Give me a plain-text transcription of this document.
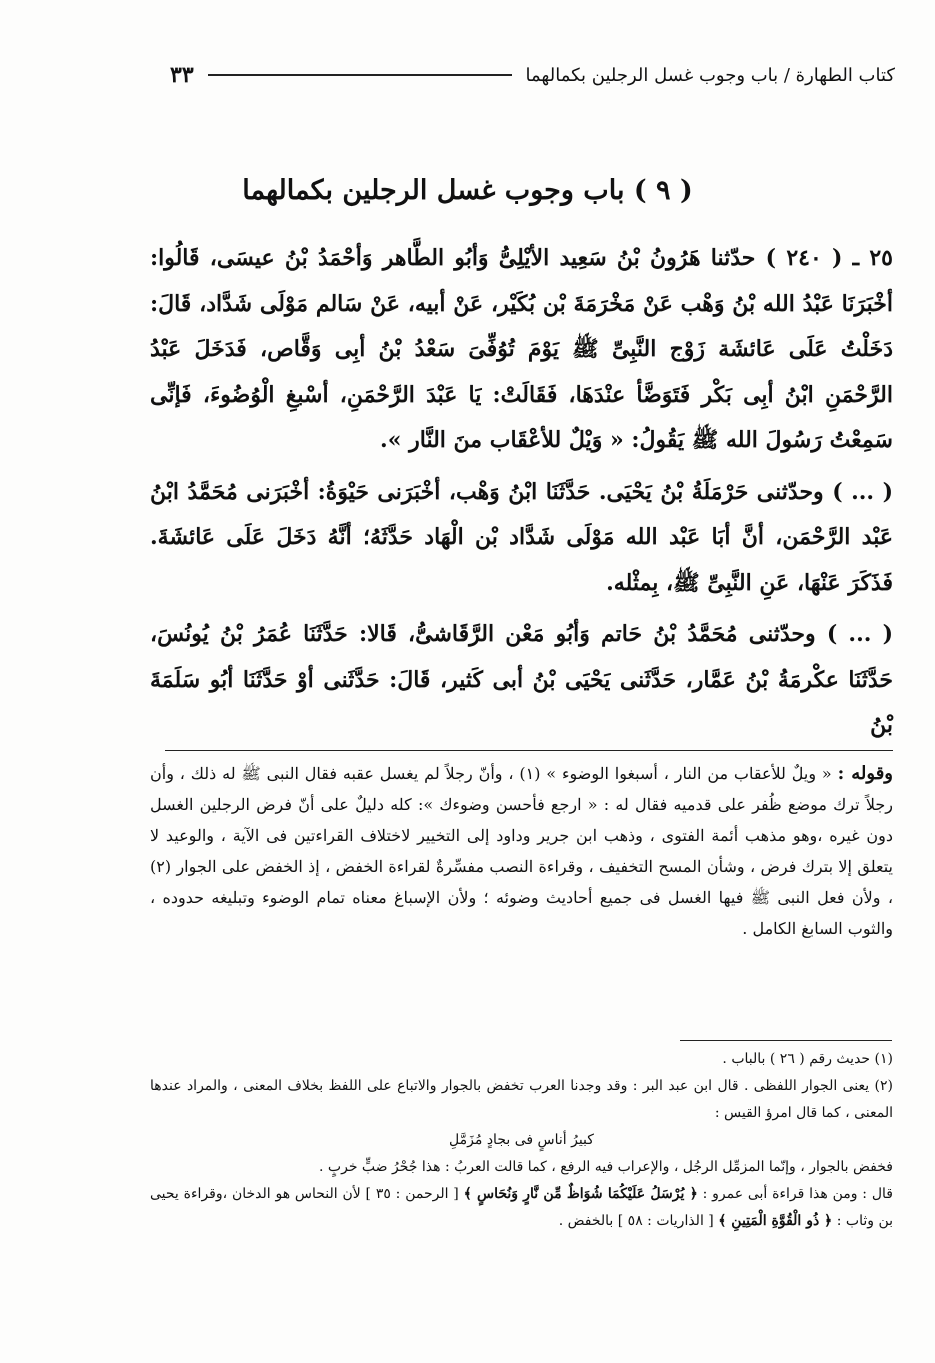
كتاب الطهارة / باب وجوب غسل الرجلين بكمالهما
٣٣
( ٩ ) باب وجوب غسل الرجلين بكمالهما

٢٥ ـ ( ٢٤٠ ) حدّثنا هَرُونُ بْنُ سَعِيد الأيْلِىُّ وَأبُو الطَّاهر وَأحْمَدُ بْنُ عيسَى، قَالُوا: أخْبَرَنَا عَبْدُ الله بْنُ وَهْب عَنْ مَخْرَمَةَ بْن بُكَيْر، عَنْ أبيه، عَنْ سَالم مَوْلَى شَدَّاد، قَالَ: دَخَلْتُ عَلَى عَائشَة زَوْج النَّبِىِّ ﷺ يَوْمَ تُوُفِّىَ سَعْدُ بْنُ أبِى وَقَّاص، فَدَخَلَ عَبْدُ الرَّحْمَنِ ابْنُ أبِى بَكْر فَتَوَضَّأ عنْدَهَا، فَقَالَتْ: يَا عَبْدَ الرَّحْمَنِ، أسْبغِ الْوُضُوءَ، فَإنِّى سَمِعْتُ رَسُولَ الله ﷺ يَقُولُ: « وَيْلٌ للأعْقَاب منَ النَّار ».

( ... ) وحدّثنى حَرْمَلَةُ بْنُ يَحْيَى. حَدَّثَنَا ابْنُ وَهْب، أخْبَرَنى حَيْوَةُ: أخْبَرَنى مُحَمَّدُ ابْنُ عَبْد الرَّحْمَن، أنَّ أبَا عَبْد الله مَوْلَى شَدَّاد بْن الْهَاد حَدَّثَهُ؛ أنَّهُ دَخَلَ عَلَى عَائشَةَ. فَذَكَرَ عَنْهَا، عَنِ النَّبِىِّ ﷺ، بِمثْله.

( ... ) وحدّثنى مُحَمَّدُ بْنُ حَاتم وَأبُو مَعْن الرَّقَاشىُّ، قَالا: حَدَّثَنَا عُمَرُ بْنُ يُونُسَ، حَدَّثَنَا عكْرمَةُ بْنُ عَمَّار، حَدَّثَنى يَحْيَى بْنُ أبى كَثير، قَالَ: حَدَّثَنى أوْ حَدَّثَنَا أبُو سَلَمَةَ بْنُ

وقوله : « ويلٌ للأعقاب من النار ، أسبغوا الوضوء » (١) ، وأنّ رجلاً لم يغسل عقبه فقال النبى ﷺ له ذلك ، وأن رجلاً ترك موضع ظُفر على قدميه فقال له : « ارجع فأحسن وضوءك »: كله دليلٌ على أنّ فرض الرجلين الغسل دون غيره ،وهو مذهب أئمة الفتوى ، وذهب ابن جرير وداود إلى التخيير لاختلاف القراءتين فى الآية ، والوعيد لا يتعلق إلا بترك فرض ، وشأن المسح التخفيف ، وقراءة النصب مفسِّرةٌ لقراءة الخفض ، إذ الخفض على الجوار (٢) ، ولأن فعل النبى ﷺ فيها الغسل فى جميع أحاديث وضوئه ؛ ولأن الإسباغ معناه تمام الوضوء وتبليغه حدوده ، والثوب السابغ الكامل .

(١) حديث رقم ( ٢٦ ) بالباب .

(٢) يعنى الجوار اللفظى . قال ابن عبد البر : وقد وجدنا العرب تخفض بالجوار والاتباع على اللفظ بخلاف المعنى ، والمراد عندها المعنى ، كما قال امرؤ القيس :

كبيرُ أناسٍ فى بجادٍ مُزَمَّلِ

فخفض بالجوار ، وإنّما المزمِّل الرجُل ، والإعراب فيه الرفع ، كما قالت العربُ : هذا جُحْرُ ضبٍّ خربٍ .

قال : ومن هذا قراءة أبى عمرو : ﴿ يُرْسَلُ عَلَيْكُمَا شُوَاظٌ مِّن نَّارٍ وَنُحَاسٍ ﴾ [ الرحمن : ٣٥ ] لأن النحاس هو الدخان ،وقراءة يحيى بن وثاب : ﴿ ذُو الْقُوَّةِ الْمَتِينِ ﴾ [ الذاريات : ٥٨ ] بالخفض .
